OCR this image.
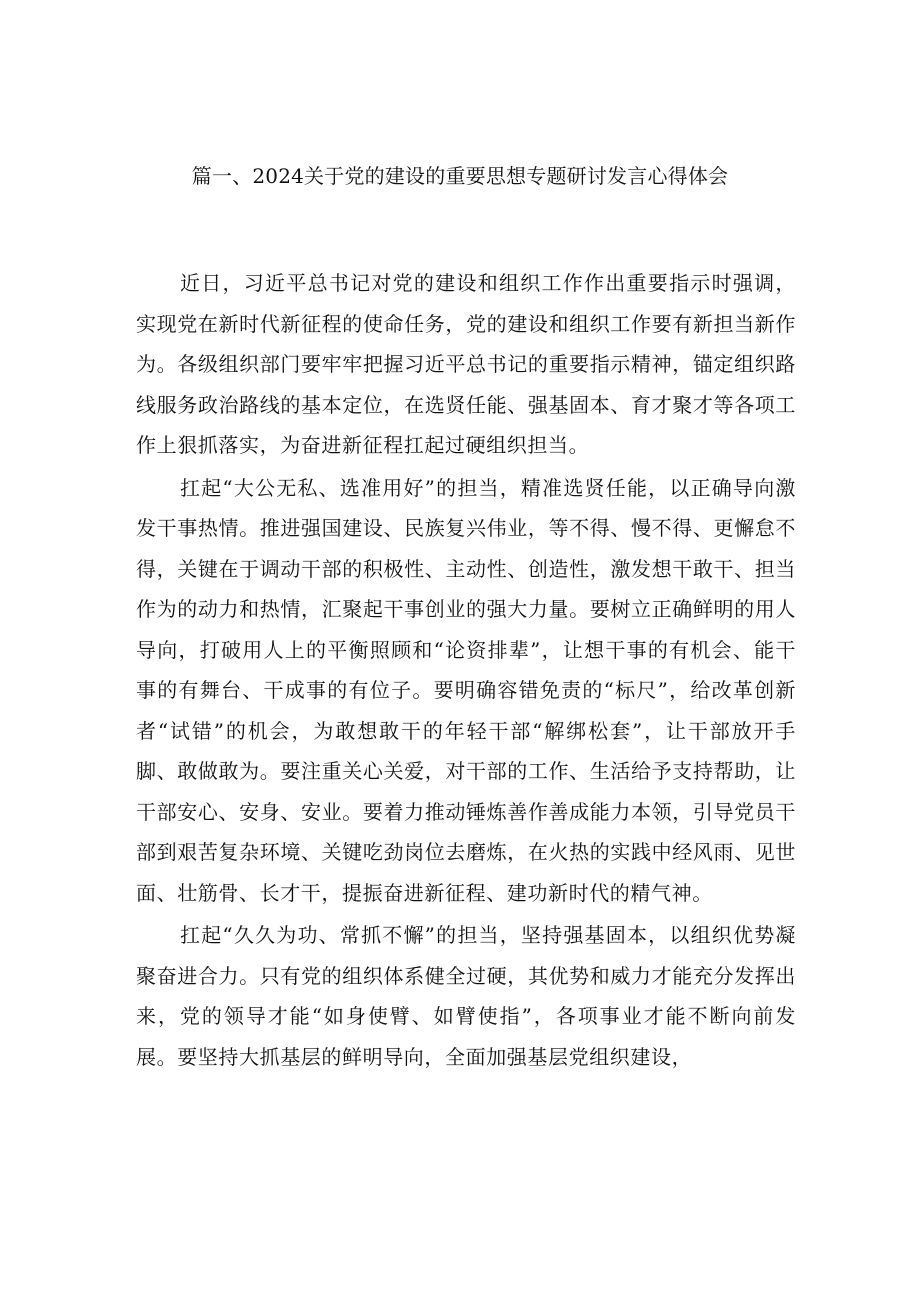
篇一、2024关于党的建设的重要思想专题研讨发言心得体会

近日，习近平总书记对党的建设和组织工作作出重要指示时强调，实现党在新时代新征程的使命任务，党的建设和组织工作要有新担当新作为。各级组织部门要牢牢把握习近平总书记的重要指示精神，锚定组织路线服务政治路线的基本定位，在选贤任能、强基固本、育才聚才等各项工作上狠抓落实，为奋进新征程扛起过硬组织担当。

扛起“大公无私、选准用好”的担当，精准选贤任能，以正确导向激发干事热情。推进强国建设、民族复兴伟业，等不得、慢不得、更懈怠不得，关键在于调动干部的积极性、主动性、创造性，激发想干敢干、担当作为的动力和热情，汇聚起干事创业的强大力量。要树立正确鲜明的用人导向，打破用人上的平衡照顾和“论资排辈”，让想干事的有机会、能干事的有舞台、干成事的有位子。要明确容错免责的“标尺”，给改革创新者“试错”的机会，为敢想敢干的年轻干部“解绑松套”，让干部放开手脚、敢做敢为。要注重关心关爱，对干部的工作、生活给予支持帮助，让干部安心、安身、安业。要着力推动锤炼善作善成能力本领，引导党员干部到艰苦复杂环境、关键吃劲岗位去磨炼，在火热的实践中经风雨、见世面、壮筋骨、长才干，提振奋进新征程、建功新时代的精气神。

扛起“久久为功、常抓不懈”的担当，坚持强基固本，以组织优势凝聚奋进合力。只有党的组织体系健全过硬，其优势和威力才能充分发挥出来，党的领导才能“如身使臂、如臂使指”，各项事业才能不断向前发展。要坚持大抓基层的鲜明导向，全面加强基层党组织建设，
